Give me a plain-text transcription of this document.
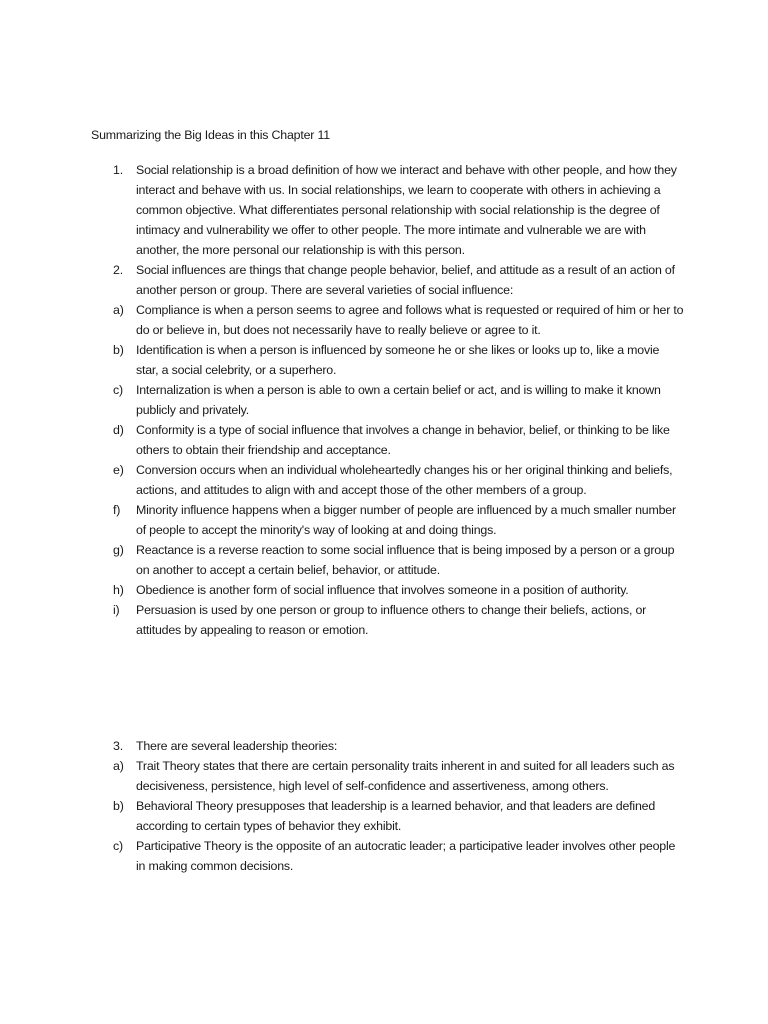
Summarizing the Big Ideas in this Chapter 11
1. Social relationship is a broad definition of how we interact and behave with other people, and how they interact and behave with us. In social relationships, we learn to cooperate with others in achieving a common objective. What differentiates personal relationship with social relationship is the degree of intimacy and vulnerability we offer to other people. The more intimate and vulnerable we are with another, the more personal our relationship is with this person.
2. Social influences are things that change people behavior, belief, and attitude as a result of an action of another person or group. There are several varieties of social influence:
a) Compliance is when a person seems to agree and follows what is requested or required of him or her to do or believe in, but does not necessarily have to really believe or agree to it.
b) Identification is when a person is influenced by someone he or she likes or looks up to, like a movie star, a social celebrity, or a superhero.
c) Internalization is when a person is able to own a certain belief or act, and is willing to make it known publicly and privately.
d) Conformity is a type of social influence that involves a change in behavior, belief, or thinking to be like others to obtain their friendship and acceptance.
e) Conversion occurs when an individual wholeheartedly changes his or her original thinking and beliefs, actions, and attitudes to align with and accept those of the other members of a group.
f) Minority influence happens when a bigger number of people are influenced by a much smaller number of people to accept the minority's way of looking at and doing things.
g) Reactance is a reverse reaction to some social influence that is being imposed by a person or a group on another to accept a certain belief, behavior, or attitude.
h) Obedience is another form of social influence that involves someone in a position of authority.
i) Persuasion is used by one person or group to influence others to change their beliefs, actions, or attitudes by appealing to reason or emotion.
3. There are several leadership theories:
a) Trait Theory states that there are certain personality traits inherent in and suited for all leaders such as decisiveness, persistence, high level of self-confidence and assertiveness, among others.
b) Behavioral Theory presupposes that leadership is a learned behavior, and that leaders are defined according to certain types of behavior they exhibit.
c) Participative Theory is the opposite of an autocratic leader; a participative leader involves other people in making common decisions.
